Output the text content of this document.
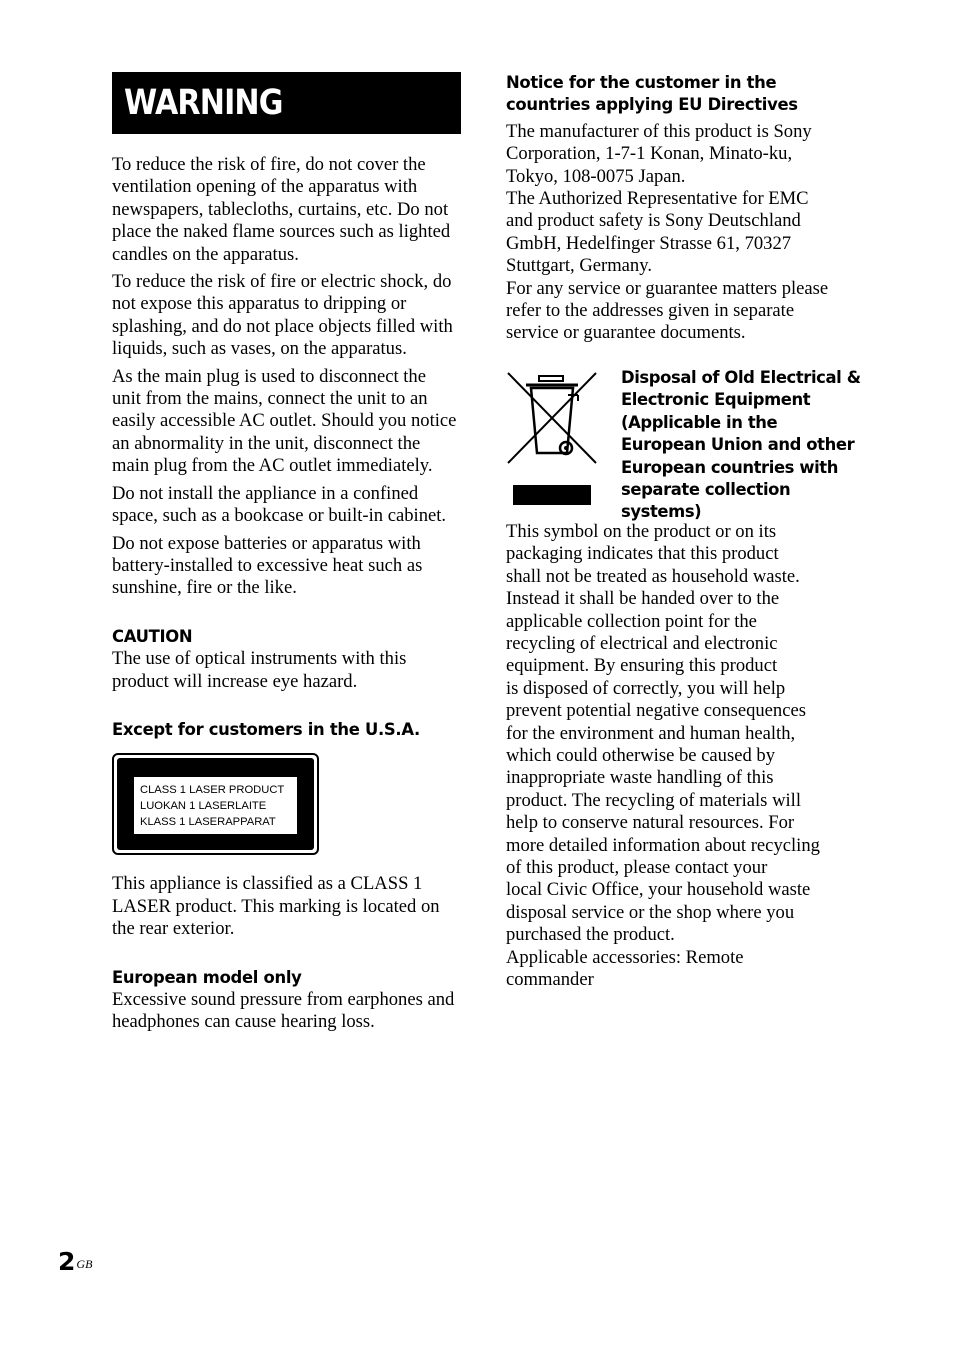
WARNING

To reduce the risk of fire, do not cover the ventilation opening of the apparatus with newspapers, tablecloths, curtains, etc. Do not place the naked flame sources such as lighted candles on the apparatus.

To reduce the risk of fire or electric shock, do not expose this apparatus to dripping or splashing, and do not place objects filled with liquids, such as vases, on the apparatus.

As the main plug is used to disconnect the unit from the mains, connect the unit to an easily accessible AC outlet. Should you notice an abnormality in the unit, disconnect the main plug from the AC outlet immediately.

Do not install the appliance in a confined space, such as a bookcase or built-in cabinet.

Do not expose batteries or apparatus with battery-installed to excessive heat such as sunshine, fire or the like.

CAUTION

The use of optical instruments with this product will increase eye hazard.

Except for customers in the U.S.A.
CLASS 1 LASER PRODUCT
LUOKAN 1 LASERLAITE
KLASS 1 LASERAPPARAT

This appliance is classified as a CLASS 1 LASER product. This marking is located on the rear exterior.

European model only

Excessive sound pressure from earphones and headphones can cause hearing loss.

Notice for the customer in the countries applying EU Directives
The manufacturer of this product is Sony
Corporation, 1-7-1 Konan, Minato-ku,
Tokyo, 108-0075 Japan.
The Authorized Representative for EMC
and product safety is Sony Deutschland
GmbH, Hedelfinger Strasse 61, 70327
Stuttgart, Germany.
For any service or guarantee matters please
refer to the addresses given in separate
service or guarantee documents.
Disposal of Old Electrical & Electronic Equipment (Applicable in the European Union and other European countries with separate collection systems)
This symbol on the product or on its
packaging indicates that this product
shall not be treated as household waste.
Instead it shall be handed over to the
applicable collection point for the
recycling of electrical and electronic
equipment. By ensuring this product
is disposed of correctly, you will help
prevent potential negative consequences
for the environment and human health,
which could otherwise be caused by
inappropriate waste handling of this
product. The recycling of materials will
help to conserve natural resources. For
more detailed information about recycling
of this product, please contact your
local Civic Office, your household waste
disposal service or the shop where you
purchased the product.
Applicable accessories: Remote
commander
$2^{GB}$
